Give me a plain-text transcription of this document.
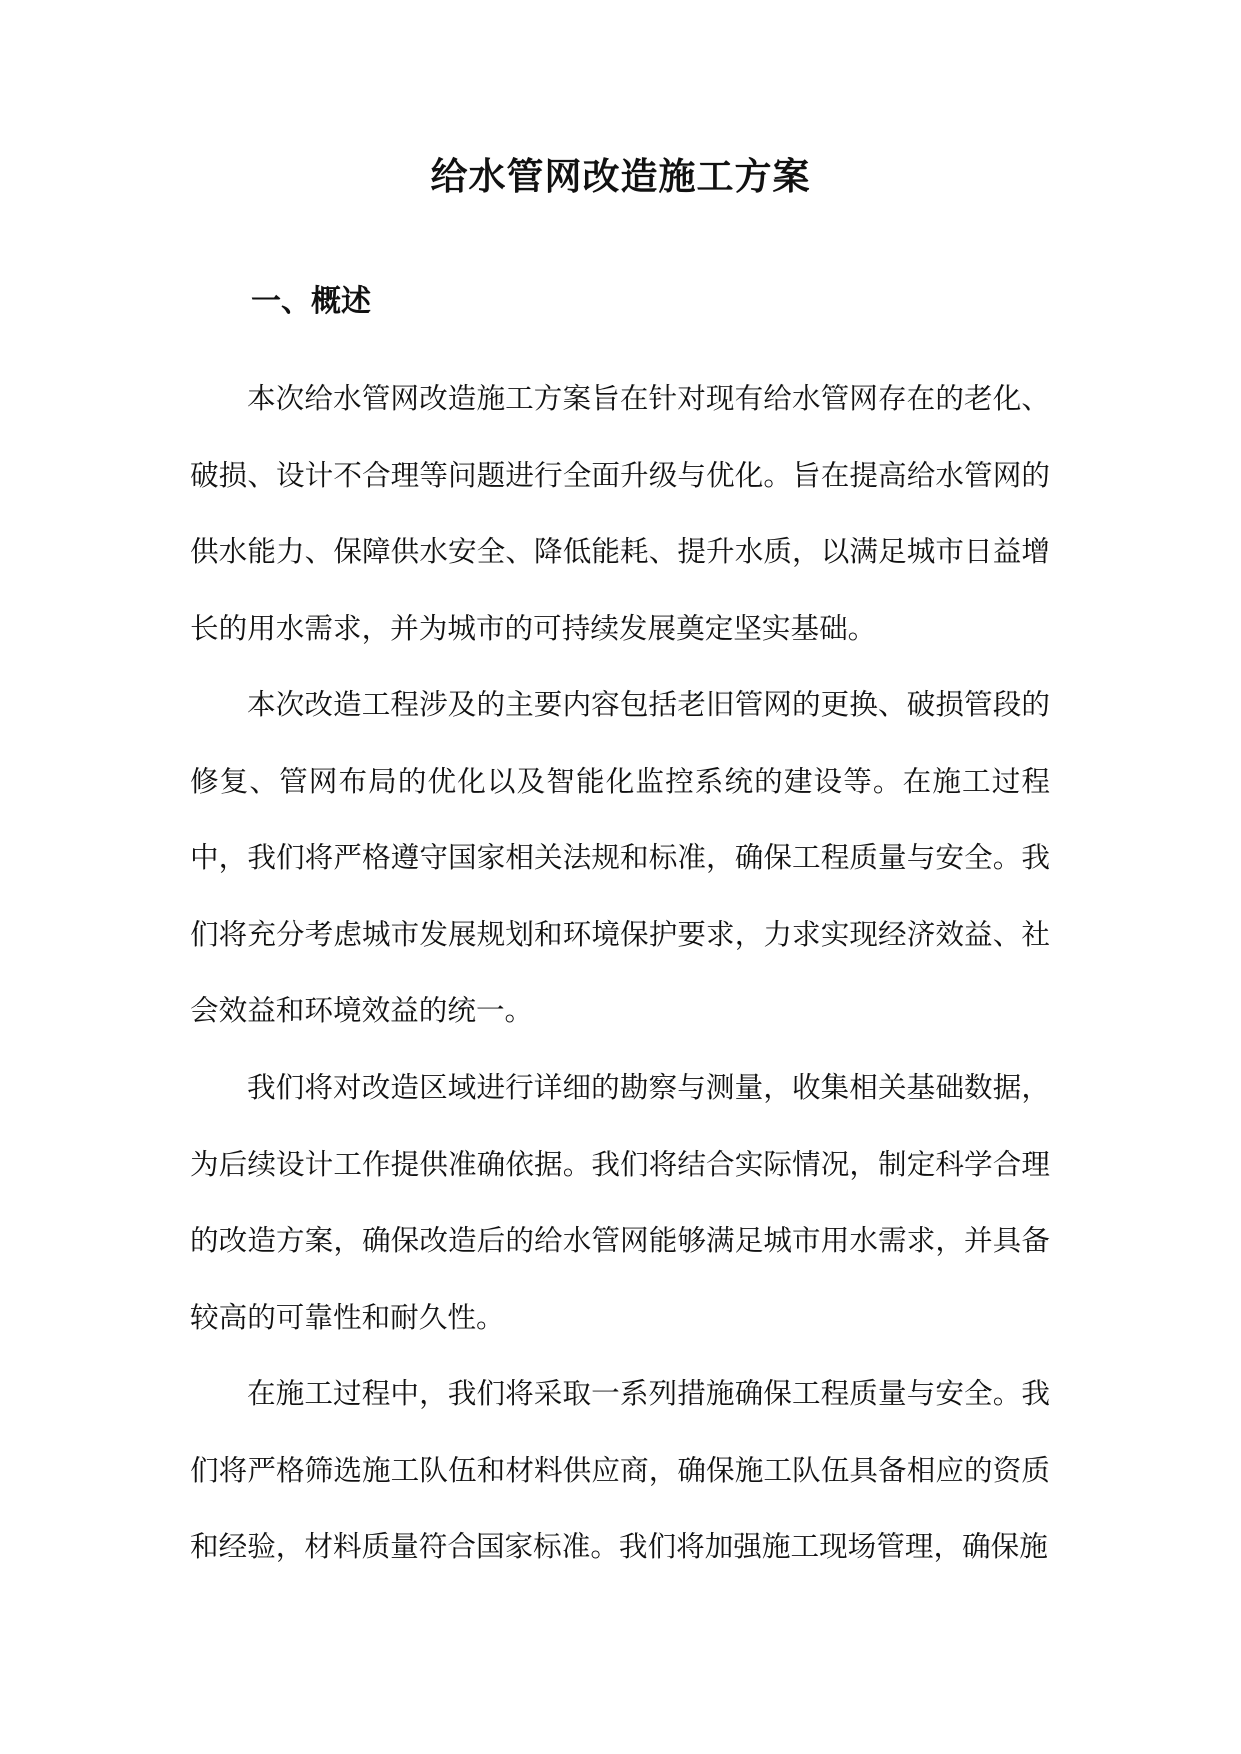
给水管网改造施工方案
一、概述

本次给水管网改造施工方案旨在针对现有给水管网存在的老化、破损、设计不合理等问题进行全面升级与优化。旨在提高给水管网的供水能力、保障供水安全、降低能耗、提升水质，以满足城市日益增长的用水需求，并为城市的可持续发展奠定坚实基础。

本次改造工程涉及的主要内容包括老旧管网的更换、破损管段的修复、管网布局的优化以及智能化监控系统的建设等。在施工过程中，我们将严格遵守国家相关法规和标准，确保工程质量与安全。我们将充分考虑城市发展规划和环境保护要求，力求实现经济效益、社会效益和环境效益的统一。

我们将对改造区域进行详细的勘察与测量，收集相关基础数据，为后续设计工作提供准确依据。我们将结合实际情况，制定科学合理的改造方案，确保改造后的给水管网能够满足城市用水需求，并具备较高的可靠性和耐久性。

在施工过程中，我们将采取一系列措施确保工程质量与安全。我们将严格筛选施工队伍和材料供应商，确保施工队伍具备相应的资质和经验，材料质量符合国家标准。我们将加强施工现场管理，确保施
